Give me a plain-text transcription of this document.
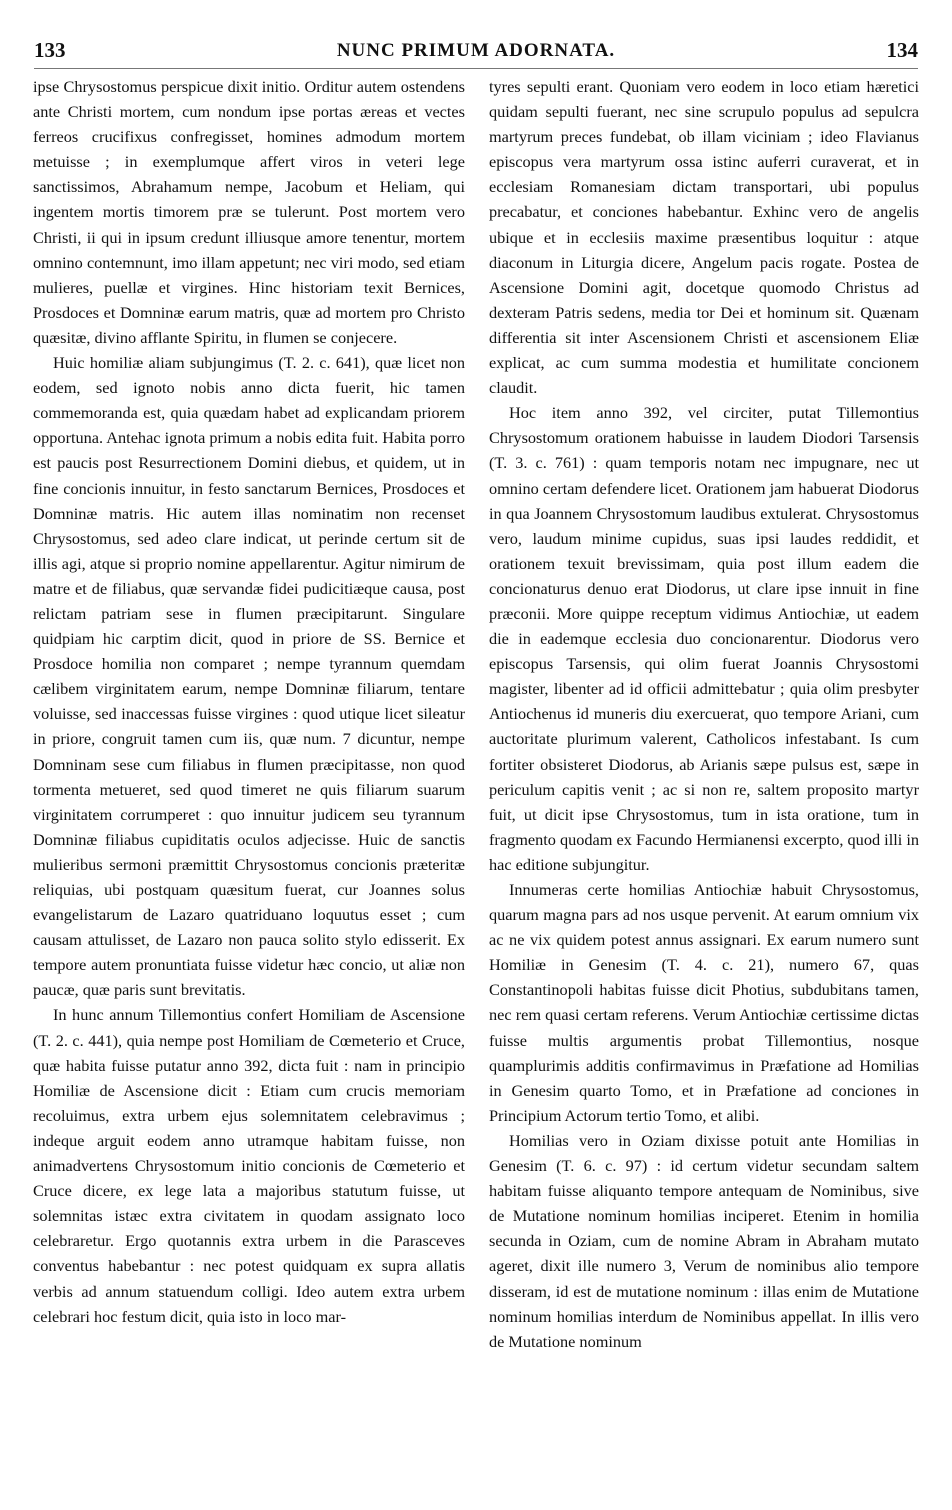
133	NUNC PRIMUM ADORNATA.	134

ipse Chrysostomus perspicue dixit initio. Orditur autem ostendens ante Christi mortem, cum nondum ipse portas æreas et vectes ferreos crucifixus confregisset, homines admodum mortem metuisse ; in exemplumque affert viros in veteri lege sanctissimos, Abrahamum nempe, Jacobum et Heliam, qui ingentem mortis timorem præ se tulerunt. Post mortem vero Christi, ii qui in ipsum credunt illiusque amore tenentur, mortem omnino contemnunt, imo illam appetunt; nec viri modo, sed etiam mulieres, puellæ et virgines. Hinc historiam texit Bernices, Prosdoces et Domninæ earum matris, quæ ad mortem pro Christo quæsitæ, divino afflante Spiritu, in flumen se conjecere.

Huic homiliæ aliam subjungimus (T. 2. c. 641), quæ licet non eodem, sed ignoto nobis anno dicta fuerit, hic tamen commemoranda est, quia quædam habet ad explicandam priorem opportuna. Antehac ignota primum a nobis edita fuit. Habita porro est paucis post Resurrectionem Domini diebus, et quidem, ut in fine concionis innuitur, in festo sanctarum Bernices, Prosdoces et Domninæ matris. Hic autem illas nominatim non recenset Chrysostomus, sed adeo clare indicat, ut perinde certum sit de illis agi, atque si proprio nomine appellarentur. Agitur nimirum de matre et de filiabus, quæ servandæ fidei pudicitiæque causa, post relictam patriam sese in flumen præcipitarunt. Singulare quidpiam hic carptim dicit, quod in priore de SS. Bernice et Prosdoce homilia non comparet ; nempe tyrannum quemdam cælibem virginitatem earum, nempe Domninæ filiarum, tentare voluisse, sed inaccessas fuisse virgines : quod utique licet sileatur in priore, congruit tamen cum iis, quæ num. 7 dicuntur, nempe Domninam sese cum filiabus in flumen præcipitasse, non quod tormenta metueret, sed quod timeret ne quis filiarum suarum virginitatem corrumperet : quo innuitur judicem seu tyrannum Domninæ filiabus cupiditatis oculos adjecisse. Huic de sanctis mulieribus sermoni præmittit Chrysostomus concionis præteritæ reliquias, ubi postquam quæsitum fuerat, cur Joannes solus evangelistarum de Lazaro quatriduano loquutus esset ; cum causam attulisset, de Lazaro non pauca solito stylo edisserit. Ex tempore autem pronuntiata fuisse videtur hæc concio, ut aliæ non paucæ, quæ paris sunt brevitatis.

In hunc annum Tillemontius confert Homiliam de Ascensione (T. 2. c. 441), quia nempe post Homiliam de Cœmeterio et Cruce, quæ habita fuisse putatur anno 392, dicta fuit : nam in principio Homiliæ de Ascensione dicit : Etiam cum crucis memoriam recoluimus, extra urbem ejus solemnitatem celebravimus ; indeque arguit eodem anno utramque habitam fuisse, non animadvertens Chrysostomum initio concionis de Cœmeterio et Cruce dicere, ex lege lata a majoribus statutum fuisse, ut solemnitas istæc extra civitatem in quodam assignato loco celebraretur. Ergo quotannis extra urbem in die Parasceves conventus habebantur : nec potest quidquam ex supra allatis verbis ad annum statuendum colligi. Ideo autem extra urbem celebrari hoc festum dicit, quia isto in loco mar-

tyres sepulti erant. Quoniam vero eodem in loco etiam hæretici quidam sepulti fuerant, nec sine scrupulo populus ad sepulcra martyrum preces fundebat, ob illam viciniam ; ideo Flavianus episcopus vera martyrum ossa istinc auferri curaverat, et in ecclesiam Romanesiam dictam transportari, ubi populus precabatur, et conciones habebantur. Exhinc vero de angelis ubique et in ecclesiis maxime præsentibus loquitur : atque diaconum in Liturgia dicere, Angelum pacis rogate. Postea de Ascensione Domini agit, docetque quomodo Christus ad dexteram Patris sedens, media tor Dei et hominum sit. Quænam differentia sit inter Ascensionem Christi et ascensionem Eliæ explicat, ac cum summa modestia et humilitate concionem claudit.

Hoc item anno 392, vel circiter, putat Tillemontius Chrysostomum orationem habuisse in laudem Diodori Tarsensis (T. 3. c. 761) : quam temporis notam nec impugnare, nec ut omnino certam defendere licet. Orationem jam habuerat Diodorus in qua Joannem Chrysostomum laudibus extulerat. Chrysostomus vero, laudum minime cupidus, suas ipsi laudes reddidit, et orationem texuit brevissimam, quia post illum eadem die concionaturus denuo erat Diodorus, ut clare ipse innuit in fine præconii. More quippe receptum vidimus Antiochiæ, ut eadem die in eademque ecclesia duo concionarentur. Diodorus vero episcopus Tarsensis, qui olim fuerat Joannis Chrysostomi magister, libenter ad id officii admittebatur ; quia olim presbyter Antiochenus id muneris diu exercuerat, quo tempore Ariani, cum auctoritate plurimum valerent, Catholicos infestabant. Is cum fortiter obsisteret Diodorus, ab Arianis sæpe pulsus est, sæpe in periculum capitis venit ; ac si non re, saltem proposito martyr fuit, ut dicit ipse Chrysostomus, tum in ista oratione, tum in fragmento quodam ex Facundo Hermianensi excerpto, quod illi in hac editione subjungitur.

Innumeras certe homilias Antiochiæ habuit Chrysostomus, quarum magna pars ad nos usque pervenit. At earum omnium vix ac ne vix quidem potest annus assignari. Ex earum numero sunt Homiliæ in Genesim (T. 4. c. 21), numero 67, quas Constantinopoli habitas fuisse dicit Photius, subdubitans tamen, nec rem quasi certam referens. Verum Antiochiæ certissime dictas fuisse multis argumentis probat Tillemontius, nosque quamplurimis additis confirmavimus in Præfatione ad Homilias in Genesim quarto Tomo, et in Præfatione ad conciones in Principium Actorum tertio Tomo, et alibi.

Homilias vero in Oziam dixisse potuit ante Homilias in Genesim (T. 6. c. 97) : id certum videtur secundam saltem habitam fuisse aliquanto tempore antequam de Nominibus, sive de Mutatione nominum homilias inciperet. Etenim in homilia secunda in Oziam, cum de nomine Abram in Abraham mutato ageret, dixit ille numero 3, Verum de nominibus alio tempore disseram, id est de mutatione nominum : illas enim de Mutatione nominum homilias interdum de Nominibus appellat. In illis vero de Mutatione nominum
